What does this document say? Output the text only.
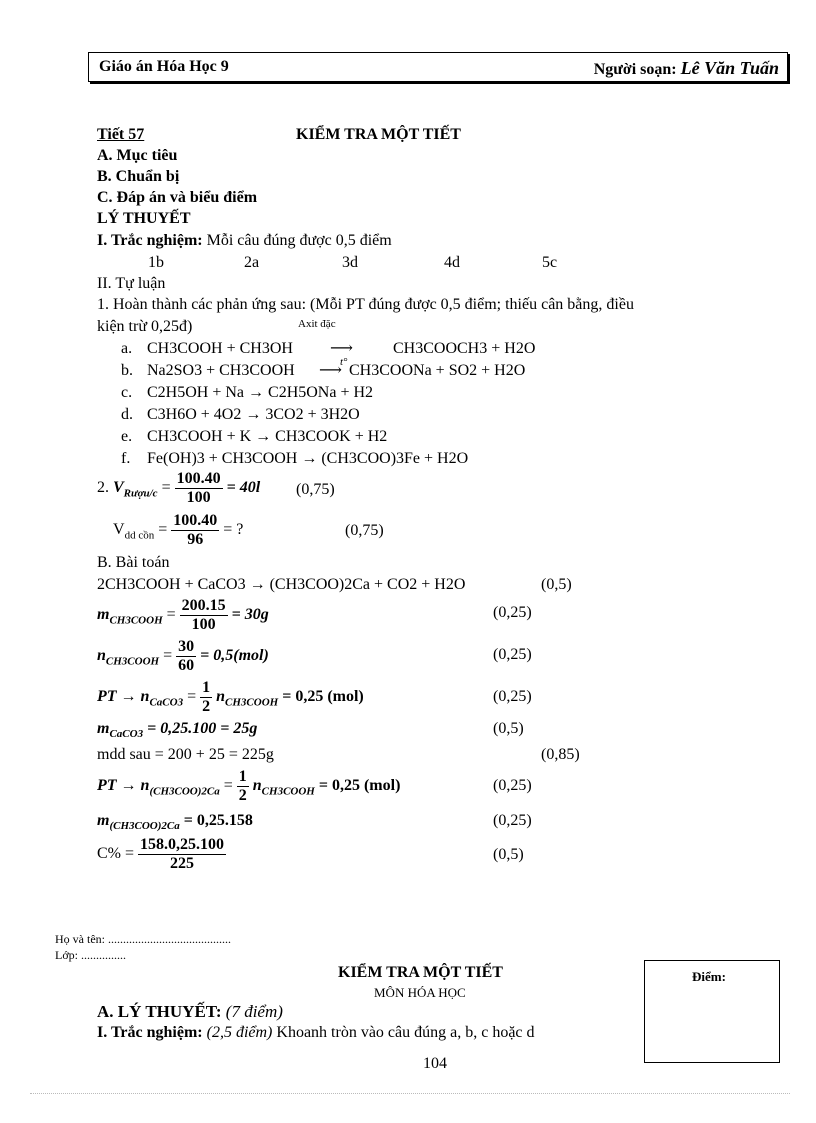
Giáo án Hóa Học 9	Người soạn: Lê Văn Tuấn
Tiết 57	KIỂM TRA MỘT TIẾT
A. Mục tiêu
B. Chuẩn bị
C. Đáp án và biểu điểm
LÝ THUYẾT
I. Trắc nghiệm: Mỗi câu đúng được 0,5 điểm
1b	2a	3d	4d	5c
II. Tự luận
1. Hoàn thành các phản ứng sau: (Mỗi PT đúng được 0,5 điểm; thiếu cân bằng, điều
kiện trừ 0,25đ)	Axit đặc
a. CH3COOH + CH3OH ⟶	CH3COOCH3 + H2O
b. Na2SO3 + CH3COOH	t°
⟶ CH3COONa + SO2 + H2O
c. C2H5OH + Na → C2H5ONa + H2
d. C3H6O + 4O2 → 3CO2 + 3H2O
e. CH3COOH + K → CH3COOK + H2
f. Fe(OH)3 + CH3COOH → (CH3COO)3Fe + H2O
2. $V_{Rượu/c} = \frac{100.40}{100} = 40l$ (0,75)
$V_{dd cồn} = \frac{100.40}{96}$ = ?	(0,75)
B. Bài toán
2CH3COOH + CaCO3 → (CH3COO)2Ca + CO2 + H2O	(0,5)
$m_{CH3COOH} = \frac{200.15}{100} = 30g$	(0,25)
$n_{CH3COOH} = \frac{30}{60} = 0,5(mol)$	(0,25)
PT → $n_{CaCO3} = \frac{1}{2} n_{CH3COOH} = 0,25$ (mol)	(0,25)
$m_{CaCO3} = 0,25.100 = 25g$	(0,5)
mdd sau = 200 + 25 = 225g	(0,85)
PT → $n_{(CH3COO)2Ca} = \frac{1}{2} n_{CH3COOH} = 0,25$ (mol)	(0,25)
$m_{(CH3COO)2Ca} = 0,25.158$	(0,25)
$C\% = \frac{158.0,25.100}{225}$	(0,5)
Họ và tên: .........................................
Lớp: ...............
KIỂM TRA MỘT TIẾT
MÔN HÓA HỌC
Điểm:
A. LÝ THUYẾT: (7 điểm)
I. Trắc nghiệm: (2,5 điểm) Khoanh tròn vào câu đúng a, b, c hoặc d
104
